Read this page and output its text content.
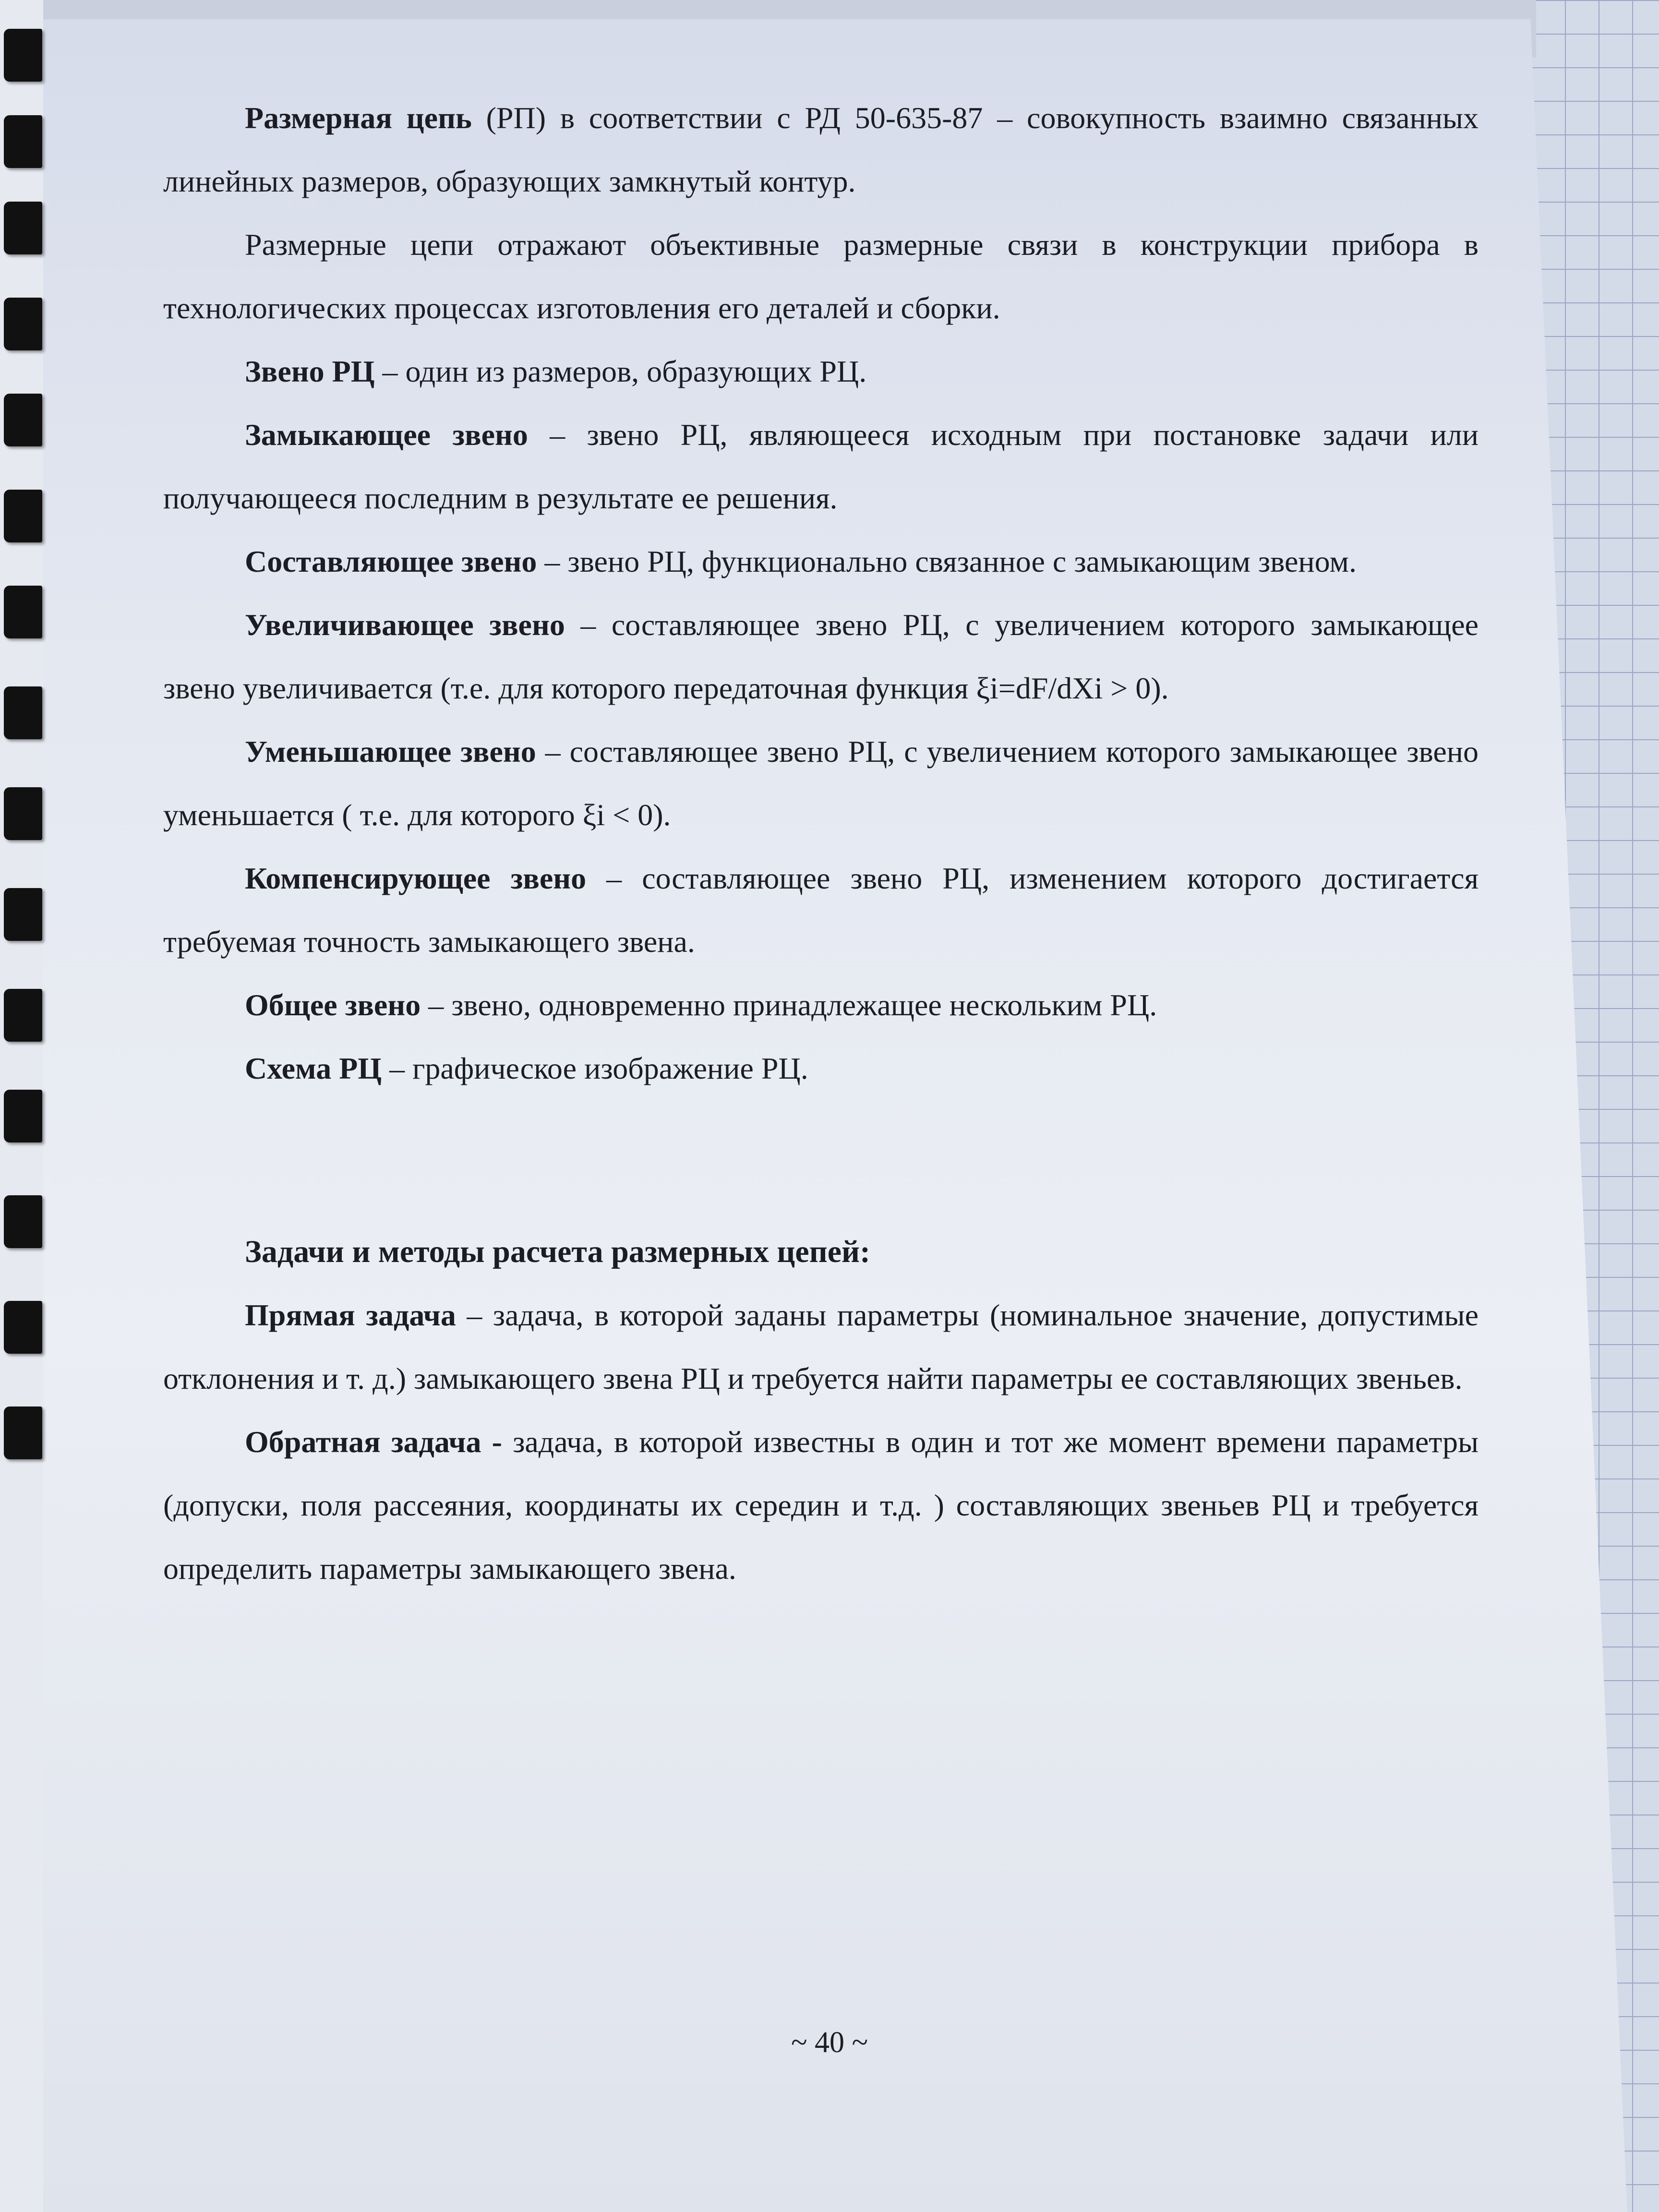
Размерная цепь (РП) в соответствии с РД 50-635-87 – совокупность взаимно связанных линейных размеров, образующих замкнутый контур.

Размерные цепи отражают объективные размерные связи в конструкции прибора в технологических процессах изготовления его деталей и сборки.

Звено РЦ – один из размеров, образующих РЦ.

Замыкающее звено – звено РЦ, являющееся исходным при постановке задачи или получающееся последним в результате ее решения.

Составляющее звено – звено РЦ, функционально связанное с замыкающим звеном.

Увеличивающее звено – составляющее звено РЦ, с увеличением которого замыкающее звено увеличивается (т.е. для которого передаточная функция ξi=dF/dXi > 0).

Уменьшающее звено – составляющее звено РЦ, с увеличением которого замыкающее звено уменьшается ( т.е. для которого ξi < 0).

Компенсирующее звено – составляющее звено РЦ, изменением которого достигается требуемая точность замыкающего звена.

Общее звено – звено, одновременно принадлежащее нескольким РЦ.

Схема РЦ – графическое изображение РЦ.

Задачи и методы расчета размерных цепей:

Прямая задача – задача, в которой заданы параметры (номинальное значение, допустимые отклонения и т. д.) замыкающего звена РЦ и требуется найти параметры ее составляющих звеньев.

Обратная задача - задача, в которой известны в один и тот же момент времени параметры (допуски, поля рассеяния, координаты их середин и т.д. ) составляющих звеньев РЦ и требуется определить параметры замыкающего звена.

~ 40 ~
